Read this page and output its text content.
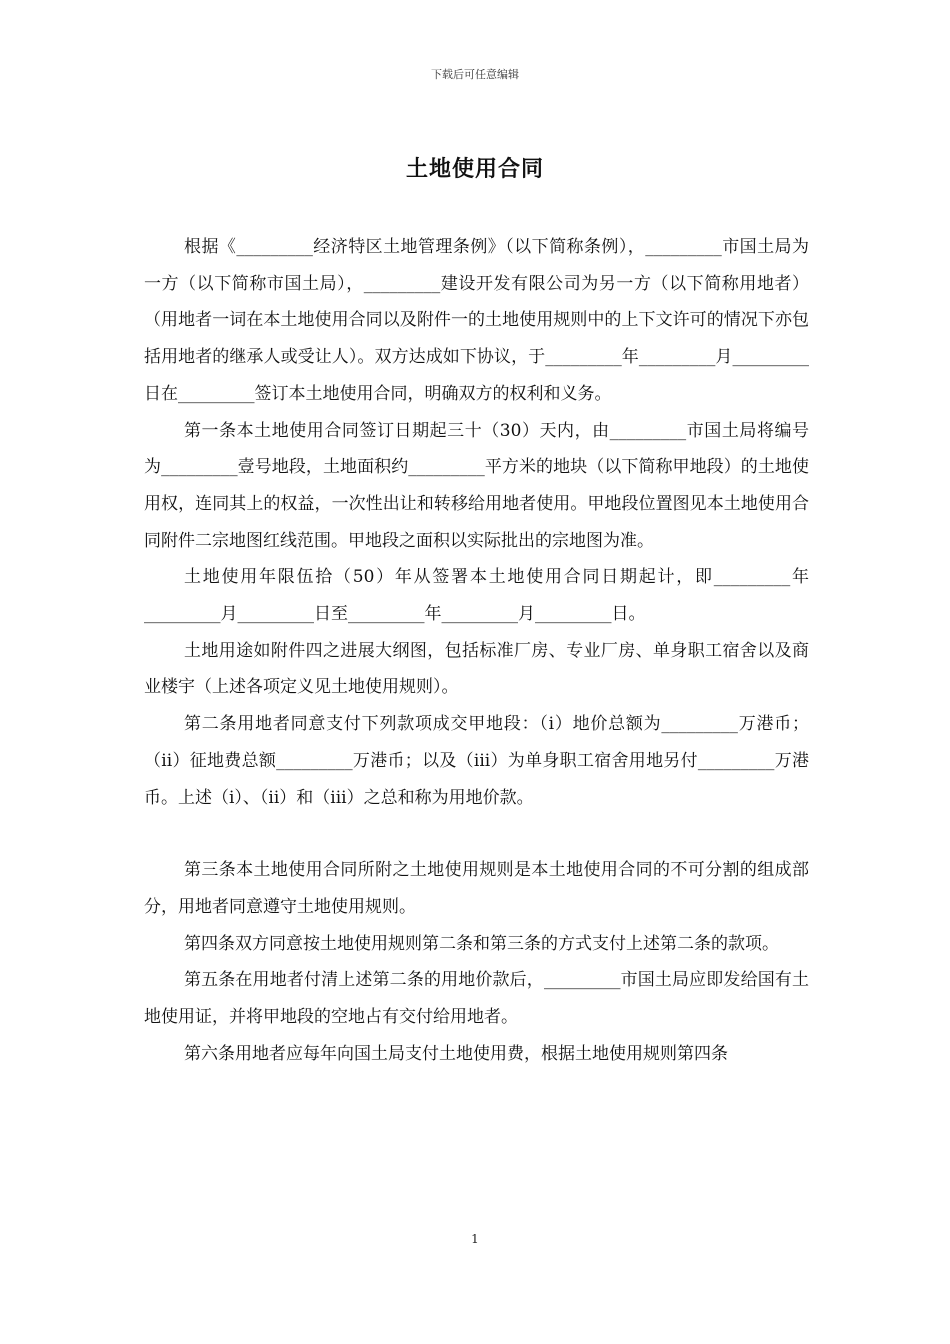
下载后可任意编辑
土地使用合同

根据《_________经济特区土地管理条例》（以下简称条例），_________市国土局为一方（以下简称市国土局），_________建设开发有限公司为另一方（以下简称用地者）（用地者一词在本土地使用合同以及附件一的土地使用规则中的上下文许可的情况下亦包括用地者的继承人或受让人）。双方达成如下协议，于_________年_________月_________日在_________签订本土地使用合同，明确双方的权利和义务。

第一条本土地使用合同签订日期起三十（30）天内，由_________市国土局将编号为_________壹号地段，土地面积约_________平方米的地块（以下简称甲地段）的土地使用权，连同其上的权益，一次性出让和转移给用地者使用。甲地段位置图见本土地使用合同附件二宗地图红线范围。甲地段之面积以实际批出的宗地图为准。

土地使用年限伍拾（50）年从签署本土地使用合同日期起计，即_________年_________月_________日至_________年_________月_________日。

土地用途如附件四之进展大纲图，包括标准厂房、专业厂房、单身职工宿舍以及商业楼宇（上述各项定义见土地使用规则）。

第二条用地者同意支付下列款项成交甲地段：（i）地价总额为_________万港币；（ii）征地费总额_________万港币；以及（iii）为单身职工宿舍用地另付_________万港币。上述（i）、（ii）和（iii）之总和称为用地价款。

第三条本土地使用合同所附之土地使用规则是本土地使用合同的不可分割的组成部分，用地者同意遵守土地使用规则。

第四条双方同意按土地使用规则第二条和第三条的方式支付上述第二条的款项。

第五条在用地者付清上述第二条的用地价款后，_________市国土局应即发给国有土地使用证，并将甲地段的空地占有交付给用地者。

第六条用地者应每年向国土局支付土地使用费，根据土地使用规则第四条

1
